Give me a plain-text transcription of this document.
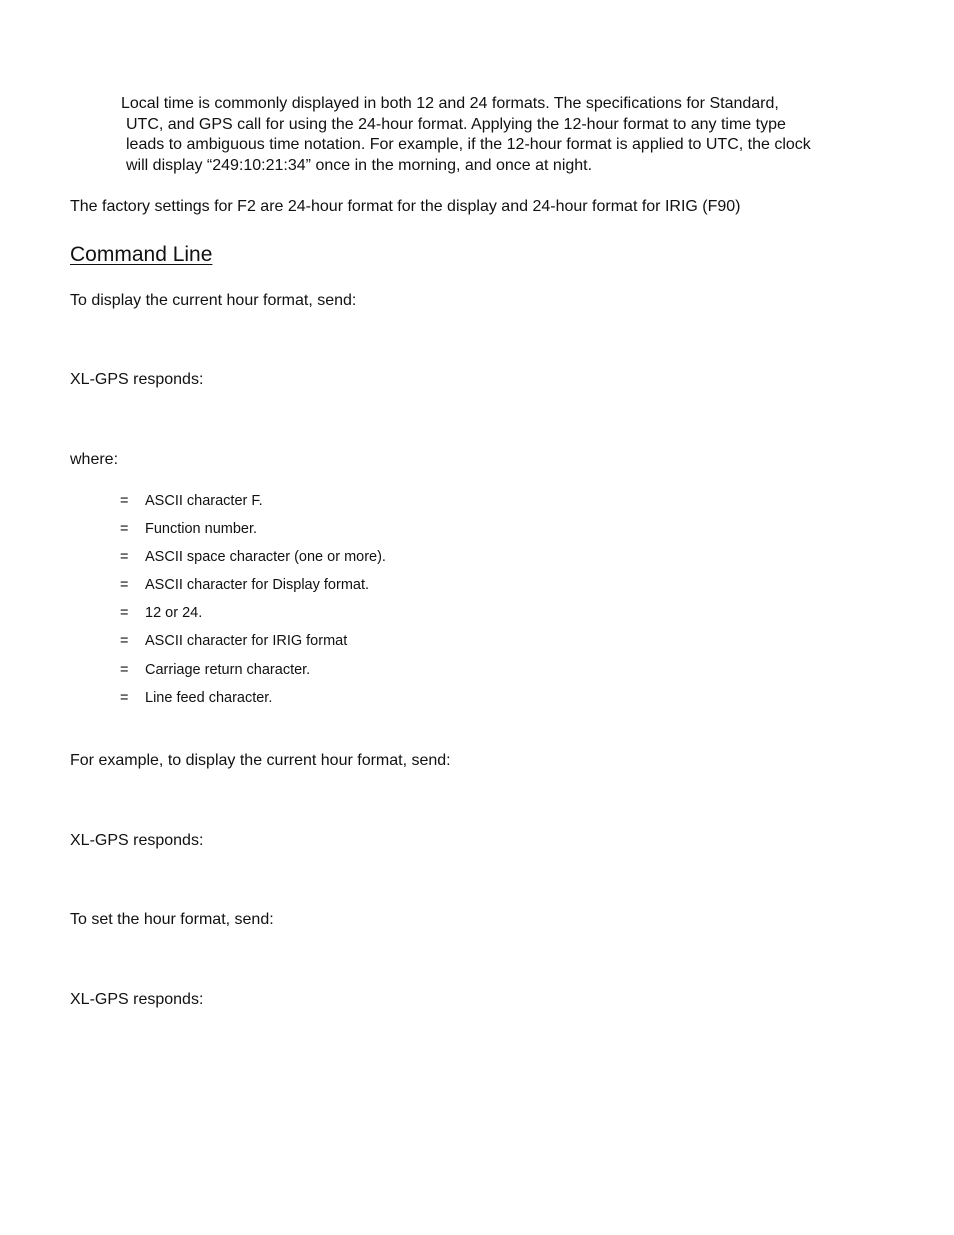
Local time is commonly displayed in both 12 and 24 formats. The specifications for Standard,
UTC, and GPS call for using the 24-hour format. Applying the 12-hour format to any time type
leads to ambiguous time notation. For example, if the 12-hour format is applied to UTC, the clock
will display “249:10:21:34” once in the morning, and once at night.
The factory settings for F2 are 24-hour format for the display and 24-hour format for IRIG (F90)
Command Line
To display the current hour format, send:
XL-GPS responds:
where:
=	ASCII character F.
=	Function number.
=	ASCII space character (one or more).
=	ASCII character for Display format.
=	12 or 24.
=	ASCII character for IRIG format
=	Carriage return character.
=	Line feed character.
For example, to display the current hour format, send:
XL-GPS responds:
To set the hour format, send:
XL-GPS responds:
